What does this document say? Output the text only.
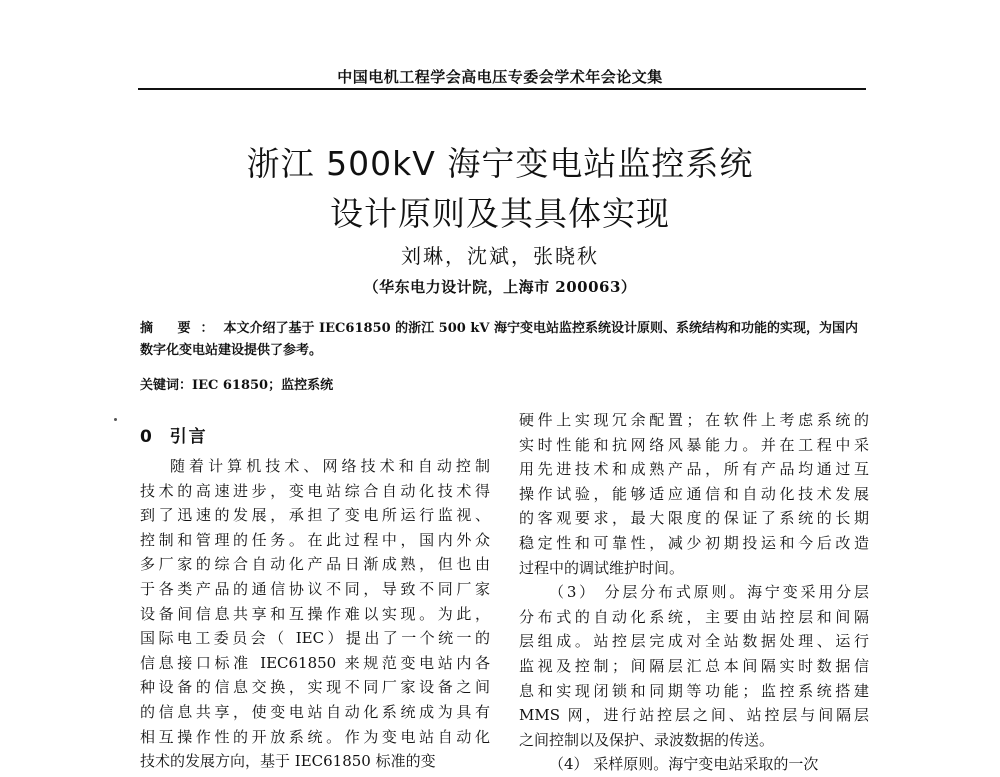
中国电机工程学会高电压专委会学术年会论文集
浙江 500kV 海宁变电站监控系统
设计原则及其具体实现
刘琳，沈斌，张晓秋
（华东电力设计院，上海市 200063）
摘 要：本文介绍了基于 IEC61850 的浙江 500 kV 海宁变电站监控系统设计原则、系统结构和功能的实现，为国内数字化变电站建设提供了参考。
关键词：IEC 61850；监控系统
0 引言
随着计算机技术、网络技术和自动控制
技术的高速进步，变电站综合自动化技术得
到了迅速的发展，承担了变电所运行监视、
控制和管理的任务。在此过程中，国内外众
多厂家的综合自动化产品日渐成熟，但也由
于各类产品的通信协议不同，导致不同厂家
设备间信息共享和互操作难以实现。为此，
国际电工委员会（ IEC）提出了一个统一的
信息接口标准 IEC61850 来规范变电站内各
种设备的信息交换，实现不同厂家设备之间
的信息共享，使变电站自动化系统成为具有
相互操作性的开放系统。作为变电站自动化
技术的发展方向，基于 IEC61850 标准的变
硬件上实现冗余配置；在软件上考虑系统的
实时性能和抗网络风暴能力。并在工程中采
用先进技术和成熟产品，所有产品均通过互
操作试验，能够适应通信和自动化技术发展
的客观要求，最大限度的保证了系统的长期
稳定性和可靠性，减少初期投运和今后改造
过程中的调试维护时间。
（3） 分层分布式原则。海宁变采用分层
分布式的自动化系统，主要由站控层和间隔
层组成。站控层完成对全站数据处理、运行
监视及控制；间隔层汇总本间隔实时数据信
息和实现闭锁和同期等功能；监控系统搭建
MMS 网，进行站控层之间、站控层与间隔层
之间控制以及保护、录波数据的传送。
（4） 采样原则。海宁变电站采取的一次
